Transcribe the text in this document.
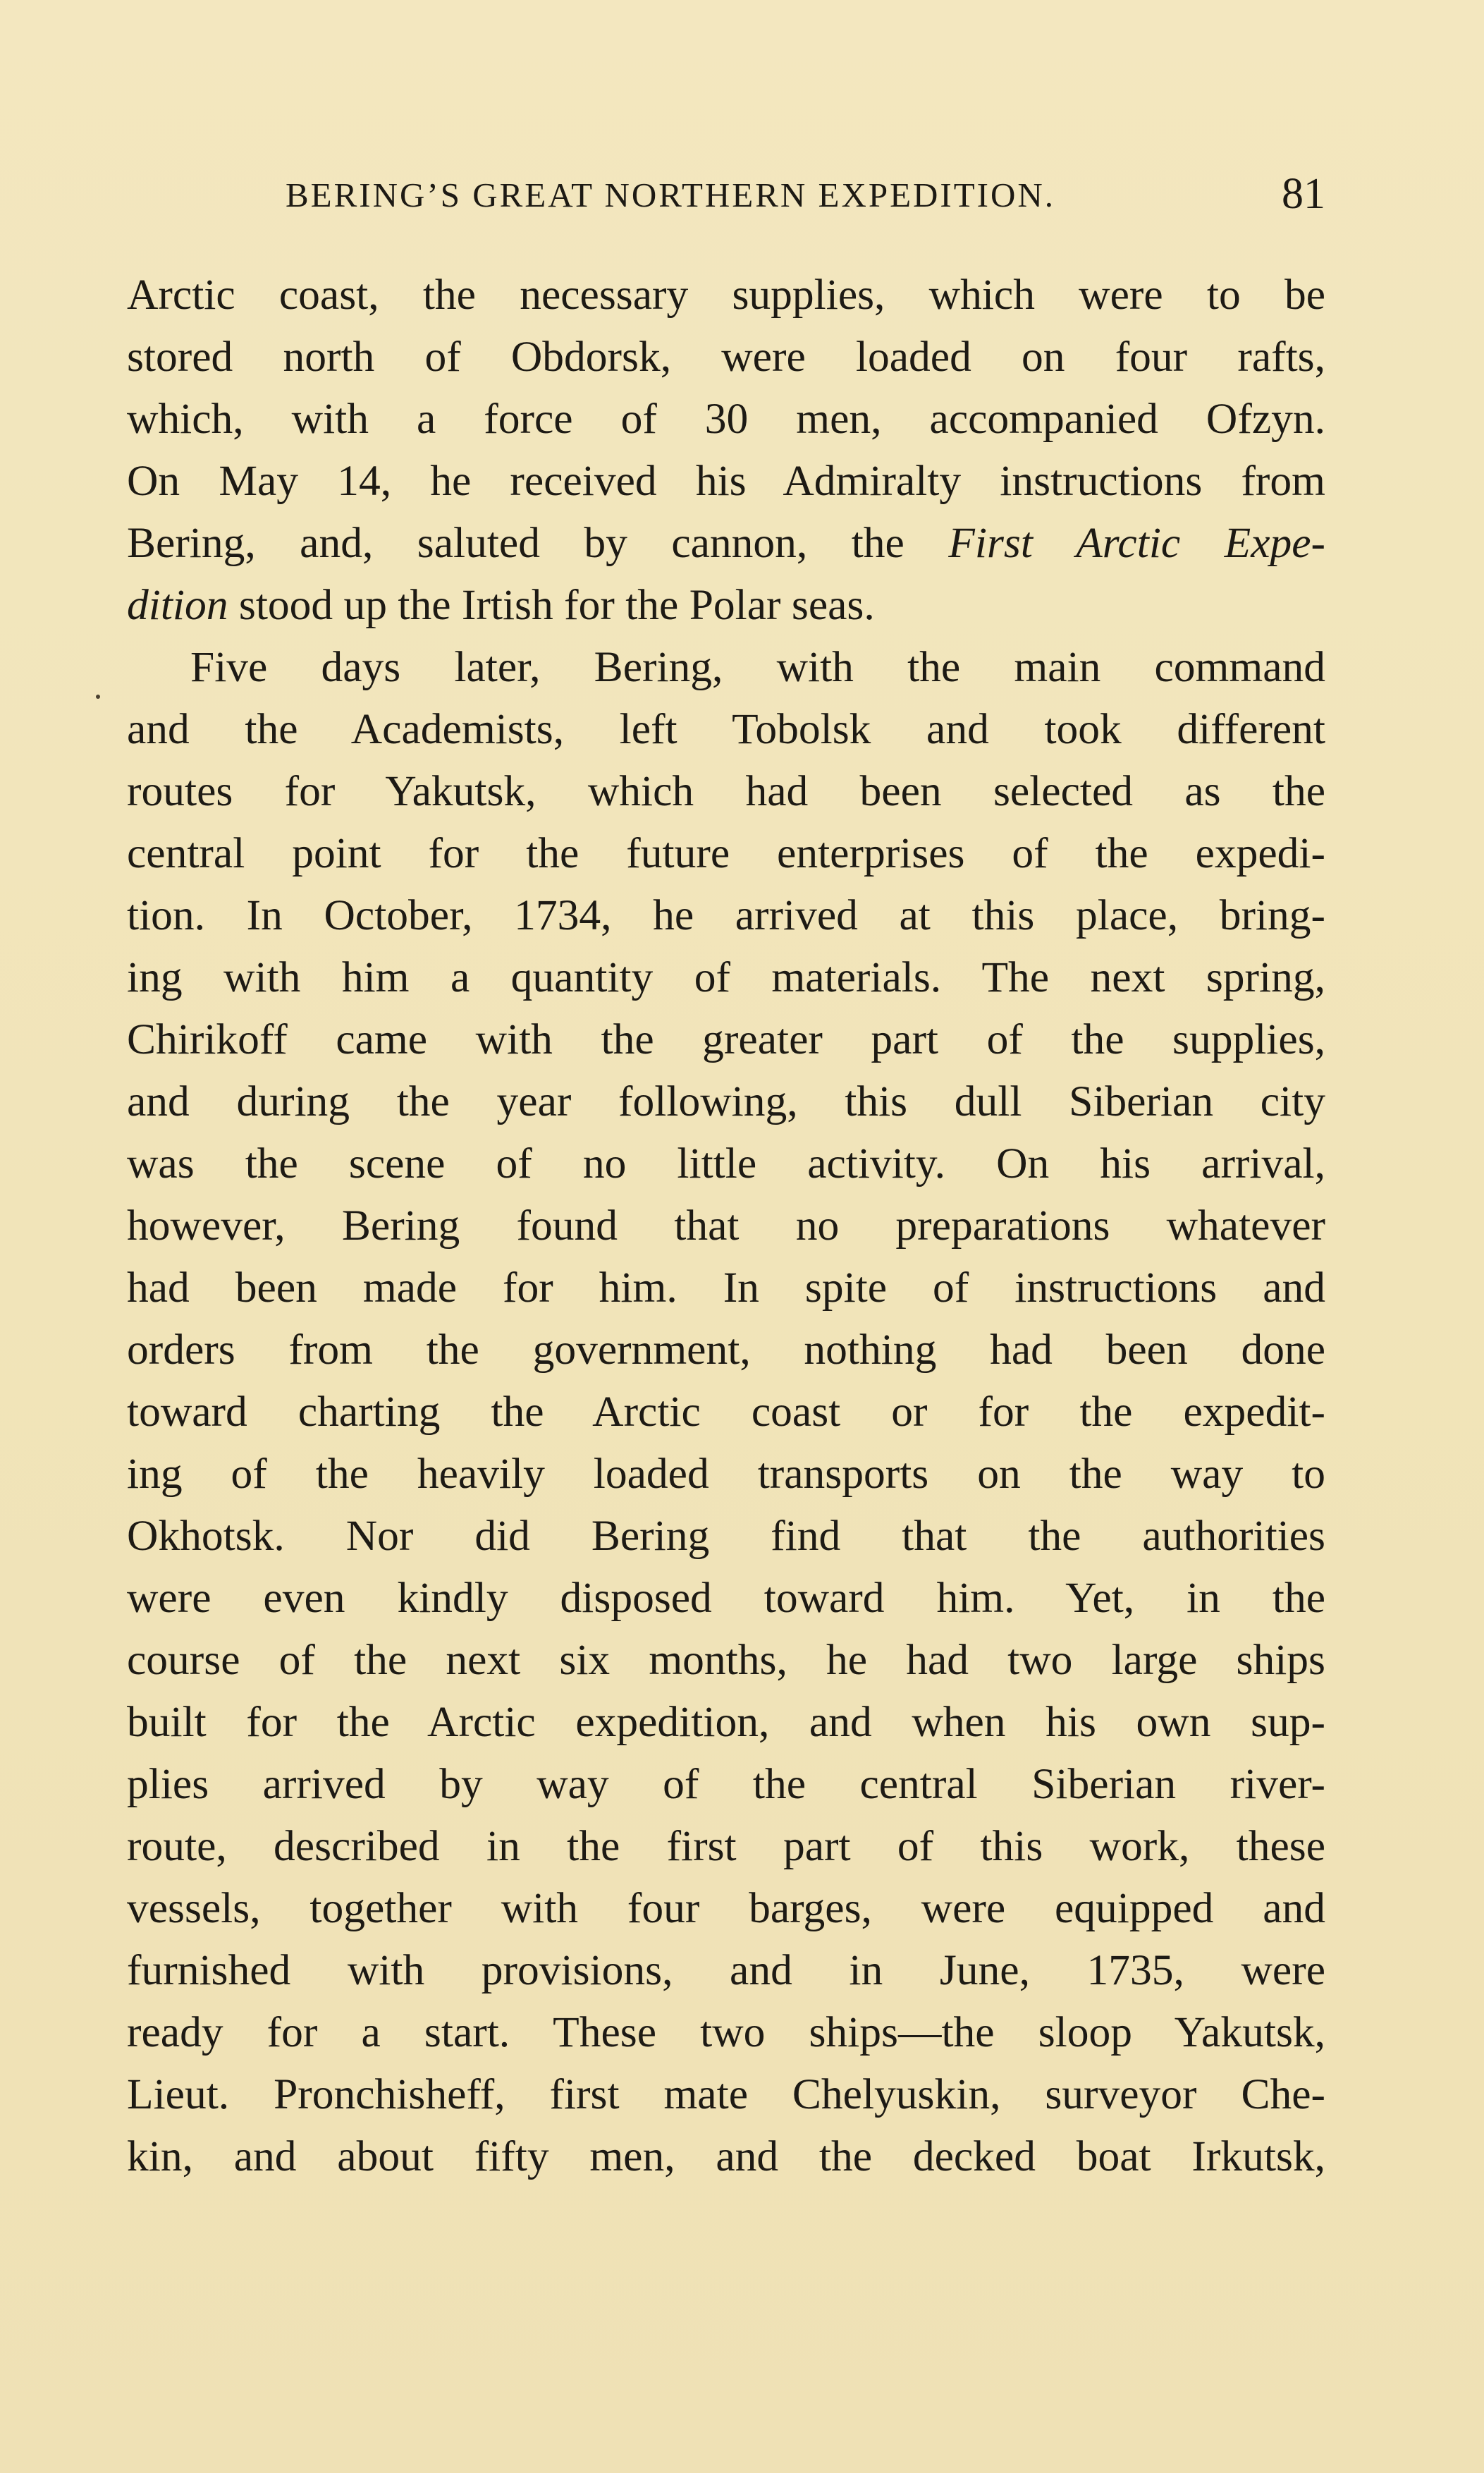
BERING’S GREAT NORTHERN EXPEDITION.	81
Arctic coast, the necessary supplies, which were to be
stored north of Obdorsk, were loaded on four rafts,
which, with a force of 30 men, accompanied Ofzyn.
On May 14, he received his Admiralty instructions from
Bering, and, saluted by cannon, the First Arctic Expe-
dition stood up the Irtish for the Polar seas.
Five days later, Bering, with the main command
and the Academists, left Tobolsk and took different
routes for Yakutsk, which had been selected as the
central point for the future enterprises of the expedi-
tion. In October, 1734, he arrived at this place, bring-
ing with him a quantity of materials. The next spring,
Chirikoff came with the greater part of the supplies,
and during the year following, this dull Siberian city
was the scene of no little activity. On his arrival,
however, Bering found that no preparations whatever
had been made for him. In spite of instructions and
orders from the government, nothing had been done
toward charting the Arctic coast or for the expedit-
ing of the heavily loaded transports on the way to
Okhotsk. Nor did Bering find that the authorities
were even kindly disposed toward him. Yet, in the
course of the next six months, he had two large ships
built for the Arctic expedition, and when his own sup-
plies arrived by way of the central Siberian river-
route, described in the first part of this work, these
vessels, together with four barges, were equipped and
furnished with provisions, and in June, 1735, were
ready for a start. These two ships—the sloop Yakutsk,
Lieut. Pronchisheff, first mate Chelyuskin, surveyor Che-
kin, and about fifty men, and the decked boat Irkutsk,
